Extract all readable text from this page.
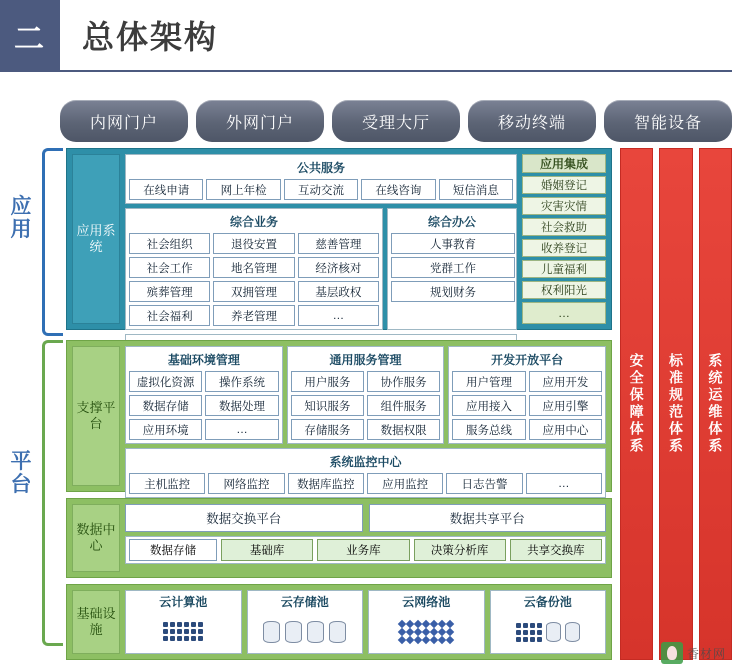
二 总体架构
内网门户	外网门户	受理大厅	移动终端	智能设备
应用
平台
安全保障体系	标准规范体系	系统运维体系
应用系统
公共服务
在线申请	网上年检	互动交流	在线咨询	短信消息
综合业务
社会组织	退役安置	慈善管理
社会工作	地名管理	经济核对
殡葬管理	双拥管理	基层政权
社会福利	养老管理	…
综合办公
人事教育
党群工作
规划财务
应用集成
婚姻登记
灾害灾情
社会救助
收养登记
儿童福利
权利阳光
…
支撑平台
基础环境管理
虚拟化资源	操作系统
数据存储	数据处理
应用环境	…
通用服务管理
用户服务	协作服务
知识服务	组件服务
存储服务	数据权限
开发开放平台
用户管理	应用开发
应用接入	应用引擎
服务总线	应用中心
系统监控中心
主机监控	网络监控	数据库监控	应用监控	日志告警	…
数据中心
数据交换平台	数据共享平台
数据存储	基础库	业务库	决策分析库	共享交换库
基础设施
云计算池	云存储池	云网络池	云备份池
香材网
